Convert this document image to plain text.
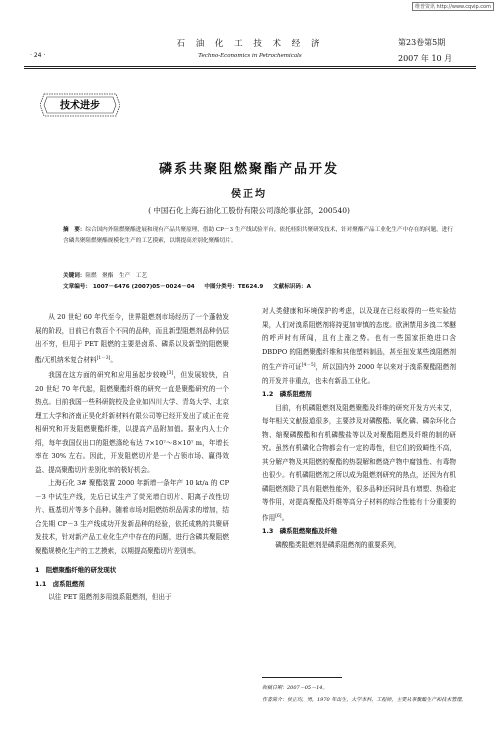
维普资讯 http://www.cqvip.com
· 24 ·
石 油 化 工 技 术 经 济
Techno-Economics in Petrochemicals
第23卷第5期
2007 年 10 月
技术进步
磷系共聚阻燃聚酯产品开发
侯正均
( 中国石化上海石油化工股份有限公司涤纶事业部，200540)
摘　要：综合国内外阻燃聚酯进展和现有产品共聚原理，借助 CP－3 生产线试验平台，依托桂阳共聚研发技术，针对聚酯产品工业化生产中存在的问题，进行含磷共聚阻燃聚酯规模化生产的工艺摸索，以期提高差别化聚酯切片。
关键词：阻燃　聚酯　生产　工艺
文章编号： 1007－6476 (2007)05－0024－04 中图分类号：TE624.9 文献标识码：A

从 20 世纪 60 年代至今，世界阻燃剂市场经历了一个蓬勃发展的阶段，目前已有数百个不同的品种，而且新型阻燃剂品种仍层出不穷，但用于 PET 阻燃的主要是卤系、磷系以及新型的阻燃聚酯/无机纳米复合材料[1－3]。

我国在这方面的研究和应用虽起步较晚[3]，但发展较快，自 20 世纪 70 年代起，阻燃聚酯纤维的研究一直是聚酯研究的一个热点。目前我国一些科研院校及企业如四川大学、青岛大学、北京理工大学和济南正昊化纤新材料有限公司等已经开发出了或正在竞相研究和开发阻燃聚酯纤维，以提高产品附加值。据业内人士介绍，每年我国仅出口的阻燃涤纶布达 7×10⁷～8×10⁷ m，年增长率在 30% 左右。因此，开发阻燃切片是一个占领市场、赢得效益、提高聚酯切片差别化率的极好机会。

上海石化 3# 聚酯装置 2000 年新增一条年产 10 kt/a 的 CP－3 中试生产线，先后已试生产了荧光增白切片、阳离子改性切片、瓶基切片等多个品种。随着市场对阻燃纺织品需求的增加，结合先期 CP－3 生产线成功开发新品种的经验，依托成熟的共聚研发技术，针对新产品工业化生产中存在的问题，进行含磷共聚阻燃聚酯规模化生产的工艺摸索，以期提高聚酯切片差别率。

1　阻燃聚酯纤维的研发现状

1.1　卤系阻燃剂

以往 PET 阻燃剂多用溴系阻燃剂，但出于

对人类健康和环境保护的考虑，以及现在已经取得的一些实验结果，人们对溴系阻燃剂将持更加审慎的态度。欧洲禁用多溴二苯醚的呼声时有所闻，且有上涨之势。也有一些国家拒绝进口含 DBDPO 的阻燃聚酯纤维和其他塑料制品，甚至扭发某些溴阻燃剂的生产许可证[4－5]，所以国内外 2000 年以来对于溴系聚酯阻燃剂的开发并非重点，也未有新品工业化。

1.2　磷系阻燃剂

目前，有机磷阻燃剂及阻燃聚酯及纤维的研究开发方兴未艾，每年相关文献报道很多，主要涉及对磷酸酯、氧化磷、磷杂环化合物、缩聚磷酸酯和有机磷酸盐等以及对聚酯阻燃及纤维的制的研究。虽然有机磷化合物都会有一定的毒性，但它们的致畸性不高，其分解产物及其阻燃的聚酯的热裂解和燃烧产物中腐蚀性、有毒物也很少。有机磷阻燃剂之所以成为阻燃剂研究的热点，还因为有机磷阻燃剂除了具有阻燃性能外，很多品种还同时具有增塑、热稳定等作用，对提高聚酯及纤维等高分子材料的综合性能有十分重要的作用[6]。

1.3　磷系阻燃聚酯及纤维

磷酸酯类阻燃剂是磷系阻燃剂的重要系列，

收稿日期：2007－05－14。
作者简介：侯正均，男，1970 年出生，大学本科，工程师，主要从事聚酯生产和技术管理。
